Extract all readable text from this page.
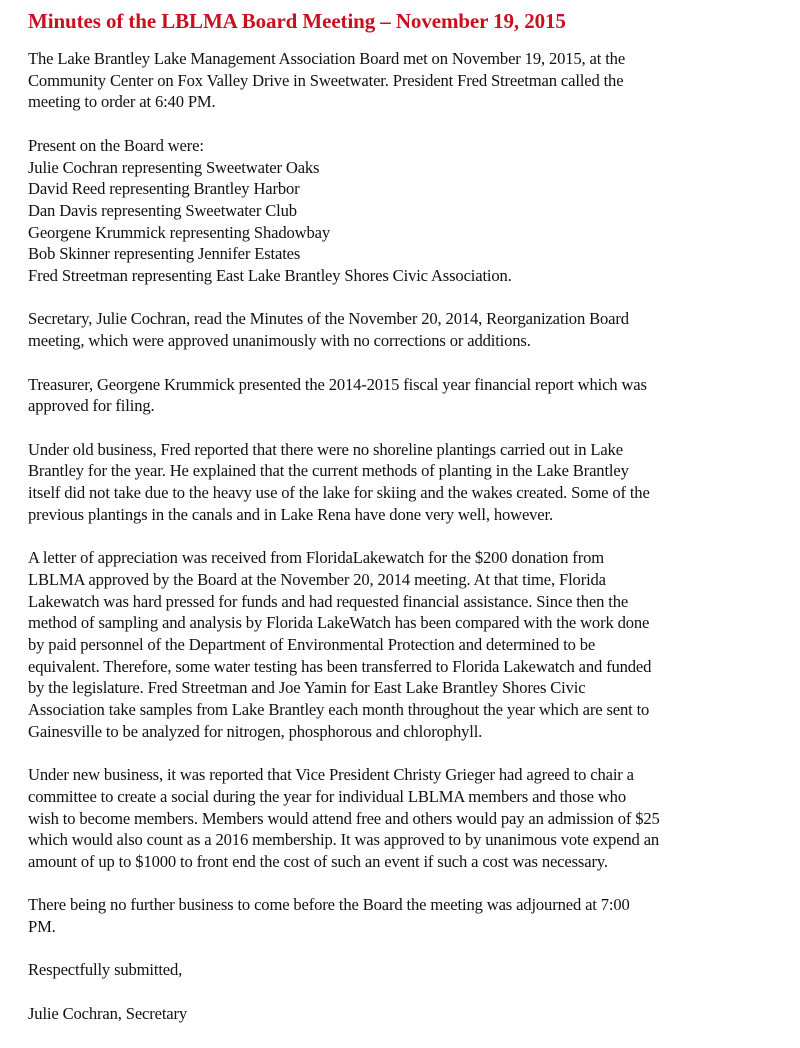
Minutes of the LBLMA Board Meeting – November 19, 2015
The Lake Brantley Lake Management Association Board met on November 19, 2015, at the
Community Center on Fox Valley Drive in Sweetwater. President Fred Streetman called the
meeting to order at 6:40 PM.
Present on the Board were:
Julie Cochran representing Sweetwater Oaks
David Reed representing Brantley Harbor
Dan Davis representing Sweetwater Club
Georgene Krummick representing Shadowbay
Bob Skinner representing Jennifer Estates
Fred Streetman representing East Lake Brantley Shores Civic Association.
Secretary, Julie Cochran, read the Minutes of the November 20, 2014, Reorganization Board
meeting, which were approved unanimously with no corrections or additions.
Treasurer, Georgene Krummick presented the 2014-2015 fiscal year financial report which was
approved for filing.
Under old business, Fred reported that there were no shoreline plantings carried out in Lake
Brantley for the year. He explained that the current methods of planting in the Lake Brantley
itself did not take due to the heavy use of the lake for skiing and the wakes created. Some of the
previous plantings in the canals and in Lake Rena have done very well, however.
A letter of appreciation was received from FloridaLakewatch for the $200 donation from
LBLMA approved by the Board at the November 20, 2014 meeting. At that time, Florida
Lakewatch was hard pressed for funds and had requested financial assistance. Since then the
method of sampling and analysis by Florida LakeWatch has been compared with the work done
by paid personnel of the Department of Environmental Protection and determined to be
equivalent. Therefore, some water testing has been transferred to Florida Lakewatch and funded
by the legislature. Fred Streetman and Joe Yamin for East Lake Brantley Shores Civic
Association take samples from Lake Brantley each month throughout the year which are sent to
Gainesville to be analyzed for nitrogen, phosphorous and chlorophyll.
Under new business, it was reported that Vice President Christy Grieger had agreed to chair a
committee to create a social during the year for individual LBLMA members and those who
wish to become members. Members would attend free and others would pay an admission of $25
which would also count as a 2016 membership. It was approved to by unanimous vote expend an
amount of up to $1000 to front end the cost of such an event if such a cost was necessary.
There being no further business to come before the Board the meeting was adjourned at 7:00
PM.
Respectfully submitted,
Julie Cochran, Secretary
